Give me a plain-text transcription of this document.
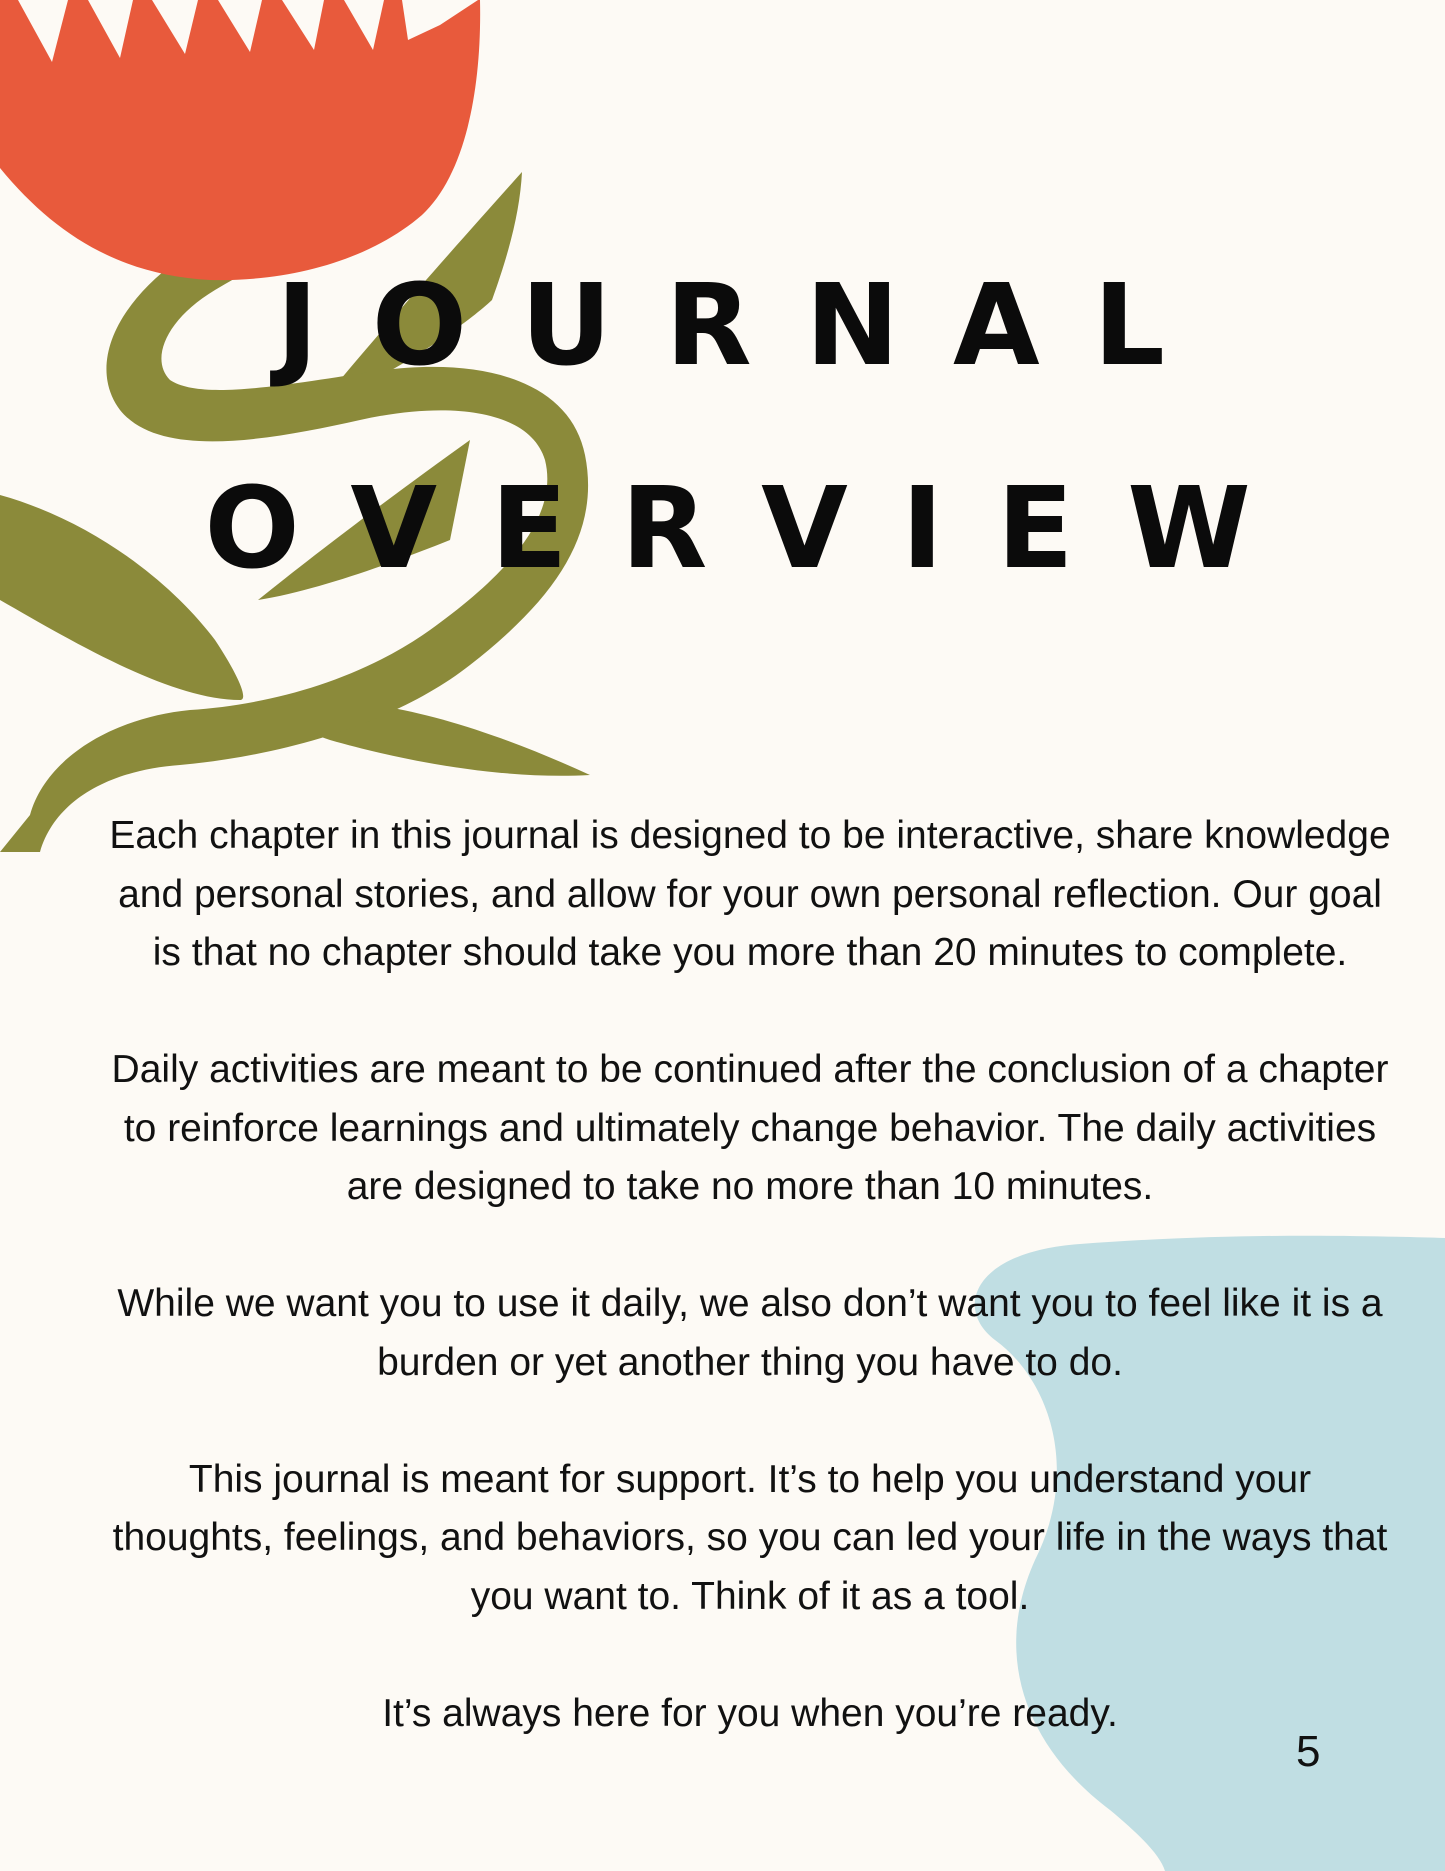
JOURNAL
OVERVIEW

Each chapter in this journal is designed to be interactive, share knowledge and personal stories, and allow for your own personal reflection. Our goal is that no chapter should take you more than 20 minutes to complete.

Daily activities are meant to be continued after the conclusion of a chapter to reinforce learnings and ultimately change behavior. The daily activities are designed to take no more than 10 minutes.

While we want you to use it daily, we also don’t want you to feel like it is a burden or yet another thing you have to do.

This journal is meant for support. It’s to help you understand your thoughts, feelings, and behaviors, so you can led your life in the ways that you want to. Think of it as a tool.

It’s always here for you when you’re ready.

5
